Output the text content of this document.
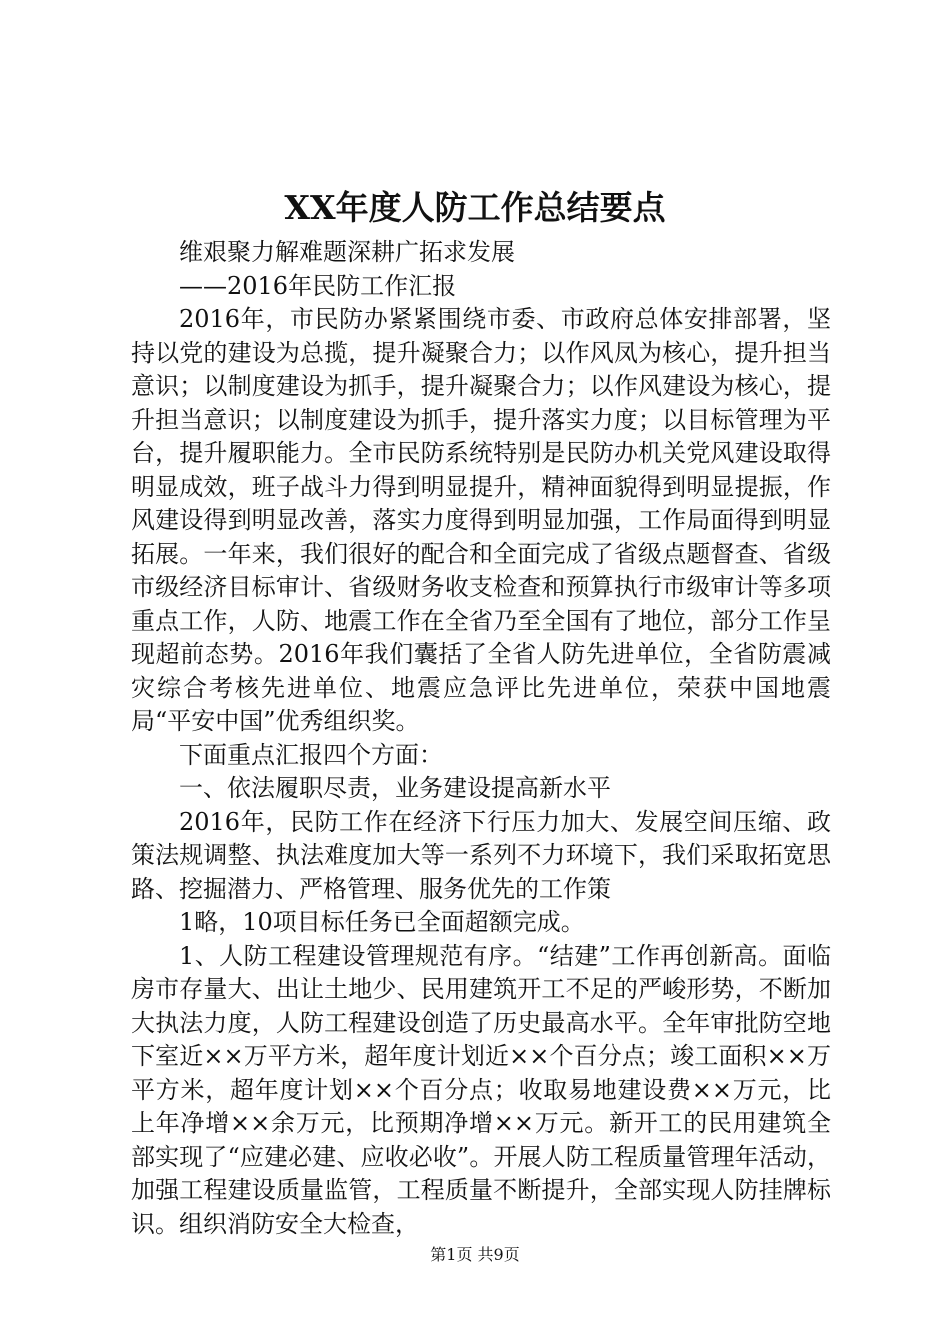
XX年度人防工作总结要点

维艰聚力解难题深耕广拓求发展

——2016年民防工作汇报

2016年，市民防办紧紧围绕市委、市政府总体安排部署，坚持以党的建设为总揽，提升凝聚合力；以作风凤为核心，提升担当意识；以制度建设为抓手，提升凝聚合力；以作风建设为核心，提升担当意识；以制度建设为抓手，提升落实力度；以目标管理为平台，提升履职能力。全市民防系统特别是民防办机关党风建设取得明显成效，班子战斗力得到明显提升，精神面貌得到明显提振，作风建设得到明显改善，落实力度得到明显加强，工作局面得到明显拓展。一年来，我们很好的配合和全面完成了省级点题督查、省级市级经济目标审计、省级财务收支检查和预算执行市级审计等多项重点工作，人防、地震工作在全省乃至全国有了地位，部分工作呈现超前态势。2016年我们囊括了全省人防先进单位，全省防震减灾综合考核先进单位、地震应急评比先进单位，荣获中国地震局“平安中国”优秀组织奖。

下面重点汇报四个方面：

一、依法履职尽责，业务建设提高新水平

2016年，民防工作在经济下行压力加大、发展空间压缩、政策法规调整、执法难度加大等一系列不力环境下，我们采取拓宽思路、挖掘潜力、严格管理、服务优先的工作策

1略，10项目标任务已全面超额完成。

1、人防工程建设管理规范有序。“结建”工作再创新高。面临房市存量大、出让土地少、民用建筑开工不足的严峻形势，不断加大执法力度，人防工程建设创造了历史最高水平。全年审批防空地下室近××万平方米，超年度计划近××个百分点；竣工面积××万平方米，超年度计划××个百分点；收取易地建设费××万元，比上年净增××余万元，比预期净增××万元。新开工的民用建筑全部实现了“应建必建、应收必收”。开展人防工程质量管理年活动，加强工程建设质量监管，工程质量不断提升，全部实现人防挂牌标识。组织消防安全大检查，

第1页 共9页
